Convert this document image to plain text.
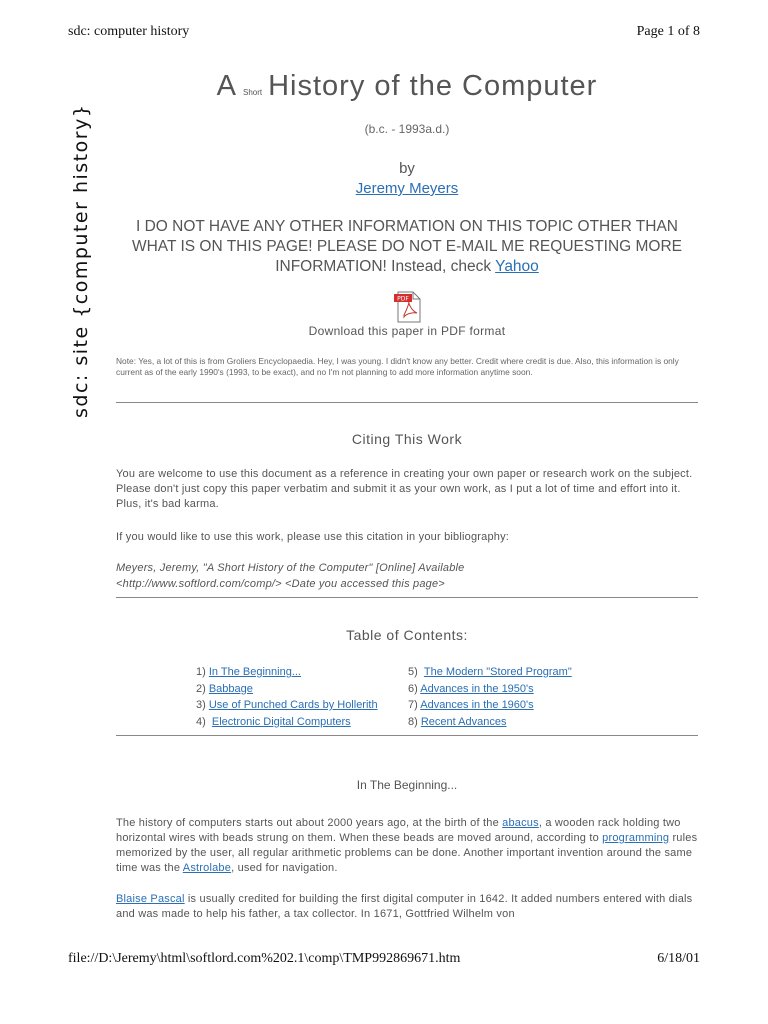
sdc: computer history	Page 1 of 8
sdc: site {computer history}
A Short History of the Computer
(b.c. - 1993a.d.)
by
Jeremy Meyers
I DO NOT HAVE ANY OTHER INFORMATION ON THIS TOPIC OTHER THAN WHAT IS ON THIS PAGE! PLEASE DO NOT E-MAIL ME REQUESTING MORE INFORMATION! Instead, check Yahoo
PDF
Download this paper in PDF format
Note: Yes, a lot of this is from Groliers Encyclopaedia. Hey, I was young. I didn't know any better. Credit where credit is due. Also, this information is only current as of the early 1990's (1993, to be exact), and no I'm not planning to add more information anytime soon.
Citing This Work
You are welcome to use this document as a reference in creating your own paper or research work on the subject. Please don't just copy this paper verbatim and submit it as your own work, as I put a lot of time and effort into it. Plus, it's bad karma.
If you would like to use this work, please use this citation in your bibliography:
Meyers, Jeremy, "A Short History of the Computer" [Online] Available
<http://www.softlord.com/comp/> <Date you accessed this page>
Table of Contents:
1) In The Beginning...
2) Babbage
3) Use of Punched Cards by Hollerith
4) Electronic Digital Computers
5) The Modern "Stored Program"
6) Advances in the 1950's
7) Advances in the 1960's
8) Recent Advances
In The Beginning...
The history of computers starts out about 2000 years ago, at the birth of the abacus, a wooden rack holding two horizontal wires with beads strung on them. When these beads are moved around, according to programming rules memorized by the user, all regular arithmetic problems can be done. Another important invention around the same time was the Astrolabe, used for navigation.
Blaise Pascal is usually credited for building the first digital computer in 1642. It added numbers entered with dials and was made to help his father, a tax collector. In 1671, Gottfried Wilhelm von
file://D:\Jeremy\html\softlord.com%202.1\comp\TMP992869671.htm	6/18/01
